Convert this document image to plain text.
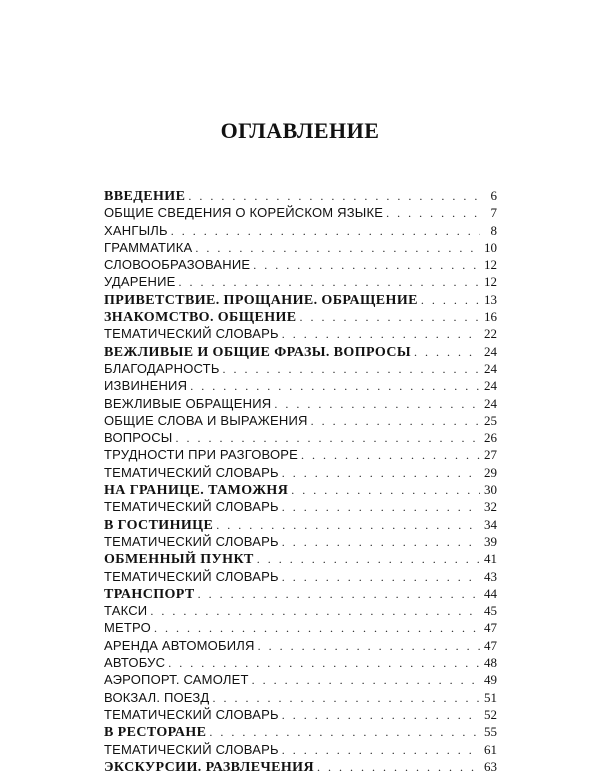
ОГЛАВЛЕНИЕ
ВВЕДЕНИЕ . . .	6
ОБЩИЕ СВЕДЕНИЯ О КОРЕЙСКОМ ЯЗЫКЕ . . .	7
ХАНГЫЛЬ . . .	8
ГРАММАТИКА . . .	10
СЛОВООБРАЗОВАНИЕ . . .	12
УДАРЕНИЕ . . .	12
ПРИВЕТСТВИЕ. ПРОЩАНИЕ. ОБРАЩЕНИЕ . . .	13
ЗНАКОМСТВО. ОБЩЕНИЕ . . .	16
ТЕМАТИЧЕСКИЙ СЛОВАРЬ . . .	22
ВЕЖЛИВЫЕ И ОБЩИЕ ФРАЗЫ. ВОПРОСЫ . . .	24
БЛАГОДАРНОСТЬ . . .	24
ИЗВИНЕНИЯ . . .	24
ВЕЖЛИВЫЕ ОБРАЩЕНИЯ . . .	24
ОБЩИЕ СЛОВА И ВЫРАЖЕНИЯ . . .	25
ВОПРОСЫ . . .	26
ТРУДНОСТИ ПРИ РАЗГОВОРЕ . . .	27
ТЕМАТИЧЕСКИЙ СЛОВАРЬ . . .	29
НА ГРАНИЦЕ. ТАМОЖНЯ . . .	30
ТЕМАТИЧЕСКИЙ СЛОВАРЬ . . .	32
В ГОСТИНИЦЕ . . .	34
ТЕМАТИЧЕСКИЙ СЛОВАРЬ . . .	39
ОБМЕННЫЙ ПУНКТ . . .	41
ТЕМАТИЧЕСКИЙ СЛОВАРЬ . . .	43
ТРАНСПОРТ . . .	44
ТАКСИ . . .	45
МЕТРО . . .	47
АРЕНДА АВТОМОБИЛЯ . . .	47
АВТОБУС . . .	48
АЭРОПОРТ. САМОЛЕТ . . .	49
ВОКЗАЛ. ПОЕЗД . . .	51
ТЕМАТИЧЕСКИЙ СЛОВАРЬ . . .	52
В РЕСТОРАНЕ . . .	55
ТЕМАТИЧЕСКИЙ СЛОВАРЬ . . .	61
ЭКСКУРСИИ. РАЗВЛЕЧЕНИЯ . . .	63
